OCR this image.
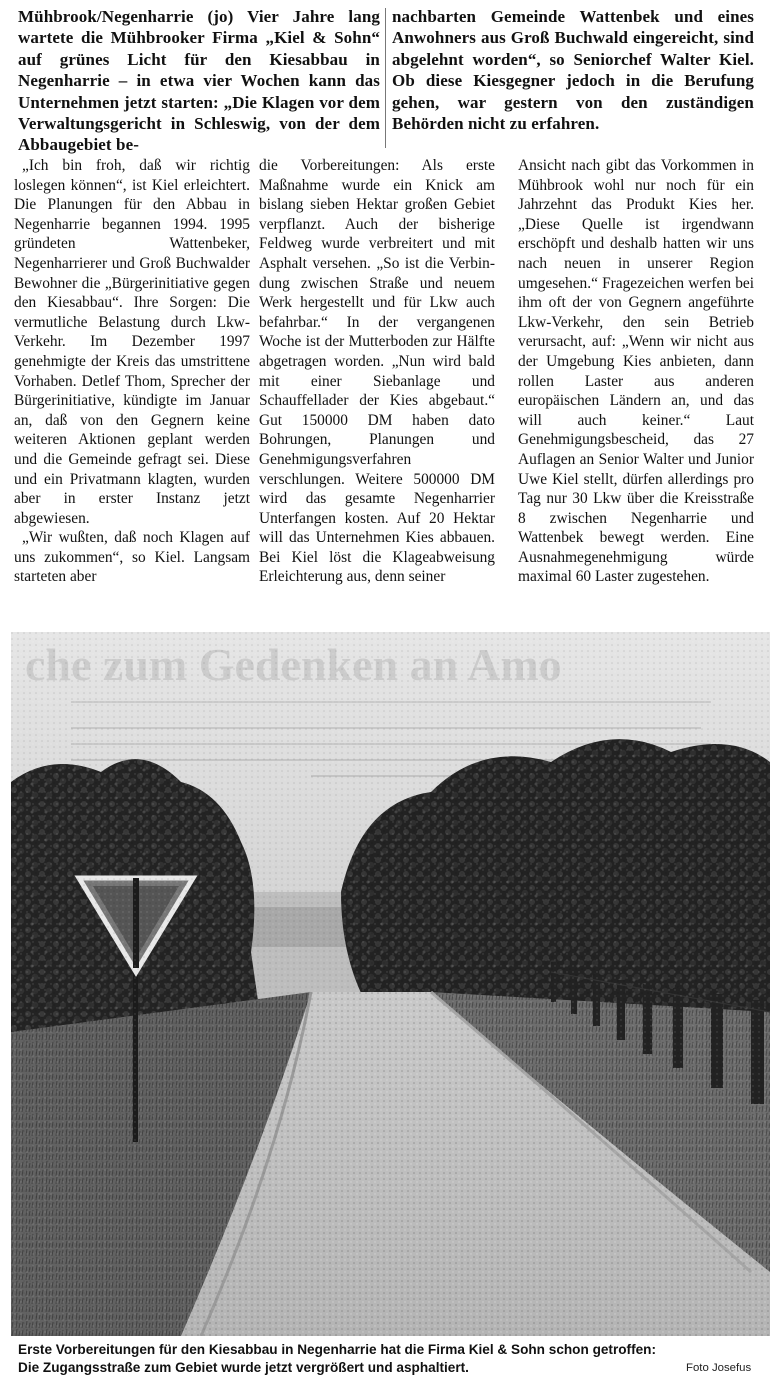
Mühbrook/Negenharrie (jo) Vier Jahre lang wartete die Mühbrooker Firma „Kiel & Sohn“ auf grünes Licht für den Kiesabbau in Negenharrie – in etwa vier Wochen kann das Unternehmen jetzt starten: „Die Klagen vor dem Verwaltungsgericht in Schleswig, von der dem Abbaugebiet be-
nachbarten Gemeinde Wattenbek und eines Anwohners aus Groß Buchwald eingereicht, sind abgelehnt worden“, so Seniorchef Walter Kiel. Ob diese Kiesgegner jedoch in die Berufung gehen, war gestern von den zuständigen Behörden nicht zu erfahren.

„Ich bin froh, daß wir richtig loslegen können“, ist Kiel erleichtert. Die Planungen für den Abbau in Negenharrie begannen 1994. 1995 gründeten Wattenbeker, Negenharrierer und Groß Buchwalder Bewohner die „Bürgerinitiative gegen den Kiesabbau“. Ihre Sorgen: Die vermutliche Belastung durch Lkw-Verkehr. Im Dezember 1997 genehmigte der Kreis das umstrittene Vorhaben. Detlef Thom, Sprecher der Bürgerinitiative, kündigte im Januar an, daß von den Gegnern keine weiteren Aktionen geplant werden und die Gemeinde gefragt sei. Diese und ein Privatmann klagten, wurden aber in erster Instanz jetzt abgewiesen.

„Wir wußten, daß noch Klagen auf uns zukommen“, so Kiel. Langsam starteten aber

die Vorbereitungen: Als erste Maßnahme wurde ein Knick am bislang sieben Hektar großen Gebiet verpflanzt. Auch der bisherige Feldweg wurde verbreitert und mit Asphalt versehen. „So ist die Verbindung zwischen Straße und neuem Werk hergestellt und für Lkw auch befahrbar.“ In der vergangenen Woche ist der Mutterboden zur Hälfte abgetragen worden. „Nun wird bald mit einer Siebanlage und Schauffellader der Kies abgebaut.“ Gut 150000 DM haben dato Bohrungen, Planungen und Genehmigungsverfahren verschlungen. Weitere 500000 DM wird das gesamte Negenharrier Unterfangen kosten. Auf 20 Hektar will das Unternehmen Kies abbauen. Bei Kiel löst die Klageabweisung Erleichterung aus, denn seiner

Ansicht nach gibt das Vorkommen in Mühbrook wohl nur noch für ein Jahrzehnt das Produkt Kies her. „Diese Quelle ist irgendwann erschöpft und deshalb hatten wir uns nach neuen in unserer Region umgesehen.“ Fragezeichen werfen bei ihm oft der von Gegnern angeführte Lkw-Verkehr, den sein Betrieb verursacht, auf: „Wenn wir nicht aus der Umgebung Kies anbieten, dann rollen Laster aus anderen europäischen Ländern an, und das will auch keiner.“ Laut Genehmigungsbescheid, das 27 Auflagen an Senior Walter und Junior Uwe Kiel stellt, dürfen allerdings pro Tag nur 30 Lkw über die Kreisstraße 8 zwischen Negenharrie und Wattenbek bewegt werden. Eine Ausnahmegenehmigung würde maximal 60 Laster zugestehen.

Erste Vorbereitungen für den Kiesabbau in Negenharrie hat die Firma Kiel & Sohn schon getroffen:
Die Zugangsstraße zum Gebiet wurde jetzt vergrößert und asphaltiert.	Foto Josefus
